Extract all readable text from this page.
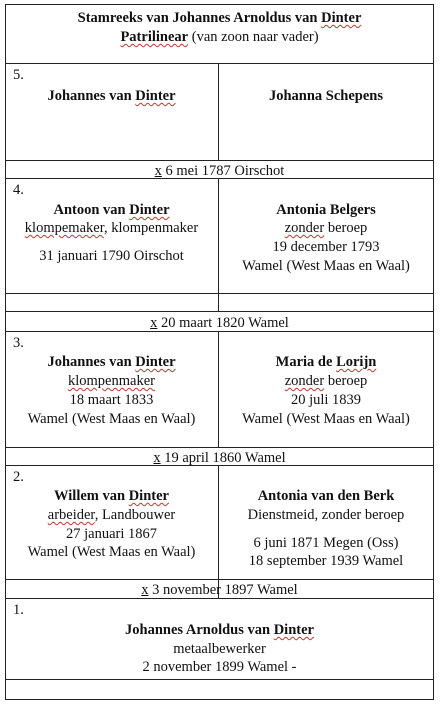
Stamreeks van Johannes Arnoldus van Dinter
Patrilinear (van zoon naar vader)
5.
Johannes van Dinter	Johanna Schepens
x 6 mei 1787 Oirschot
4.
Antoon van Dinter
klompemaker, klompenmaker
31 januari 1790 Oirschot
Antonia Belgers
zonder beroep
19 december 1793
Wamel (West Maas en Waal)
x 20 maart 1820 Wamel
3.
Johannes van Dinter
klompenmaker
18 maart 1833
Wamel (West Maas en Waal)
Maria de Lorijn
zonder beroep
20 juli 1839
Wamel (West Maas en Waal)
x 19 april 1860 Wamel
2.
Willem van Dinter
arbeider, Landbouwer
27 januari 1867
Wamel (West Maas en Waal)
Antonia van den Berk
Dienstmeid, zonder beroep
6 juni 1871 Megen (Oss)
18 september 1939 Wamel
x 3 november 1897 Wamel
1.
Johannes Arnoldus van Dinter
metaalbewerker
2 november 1899 Wamel -
